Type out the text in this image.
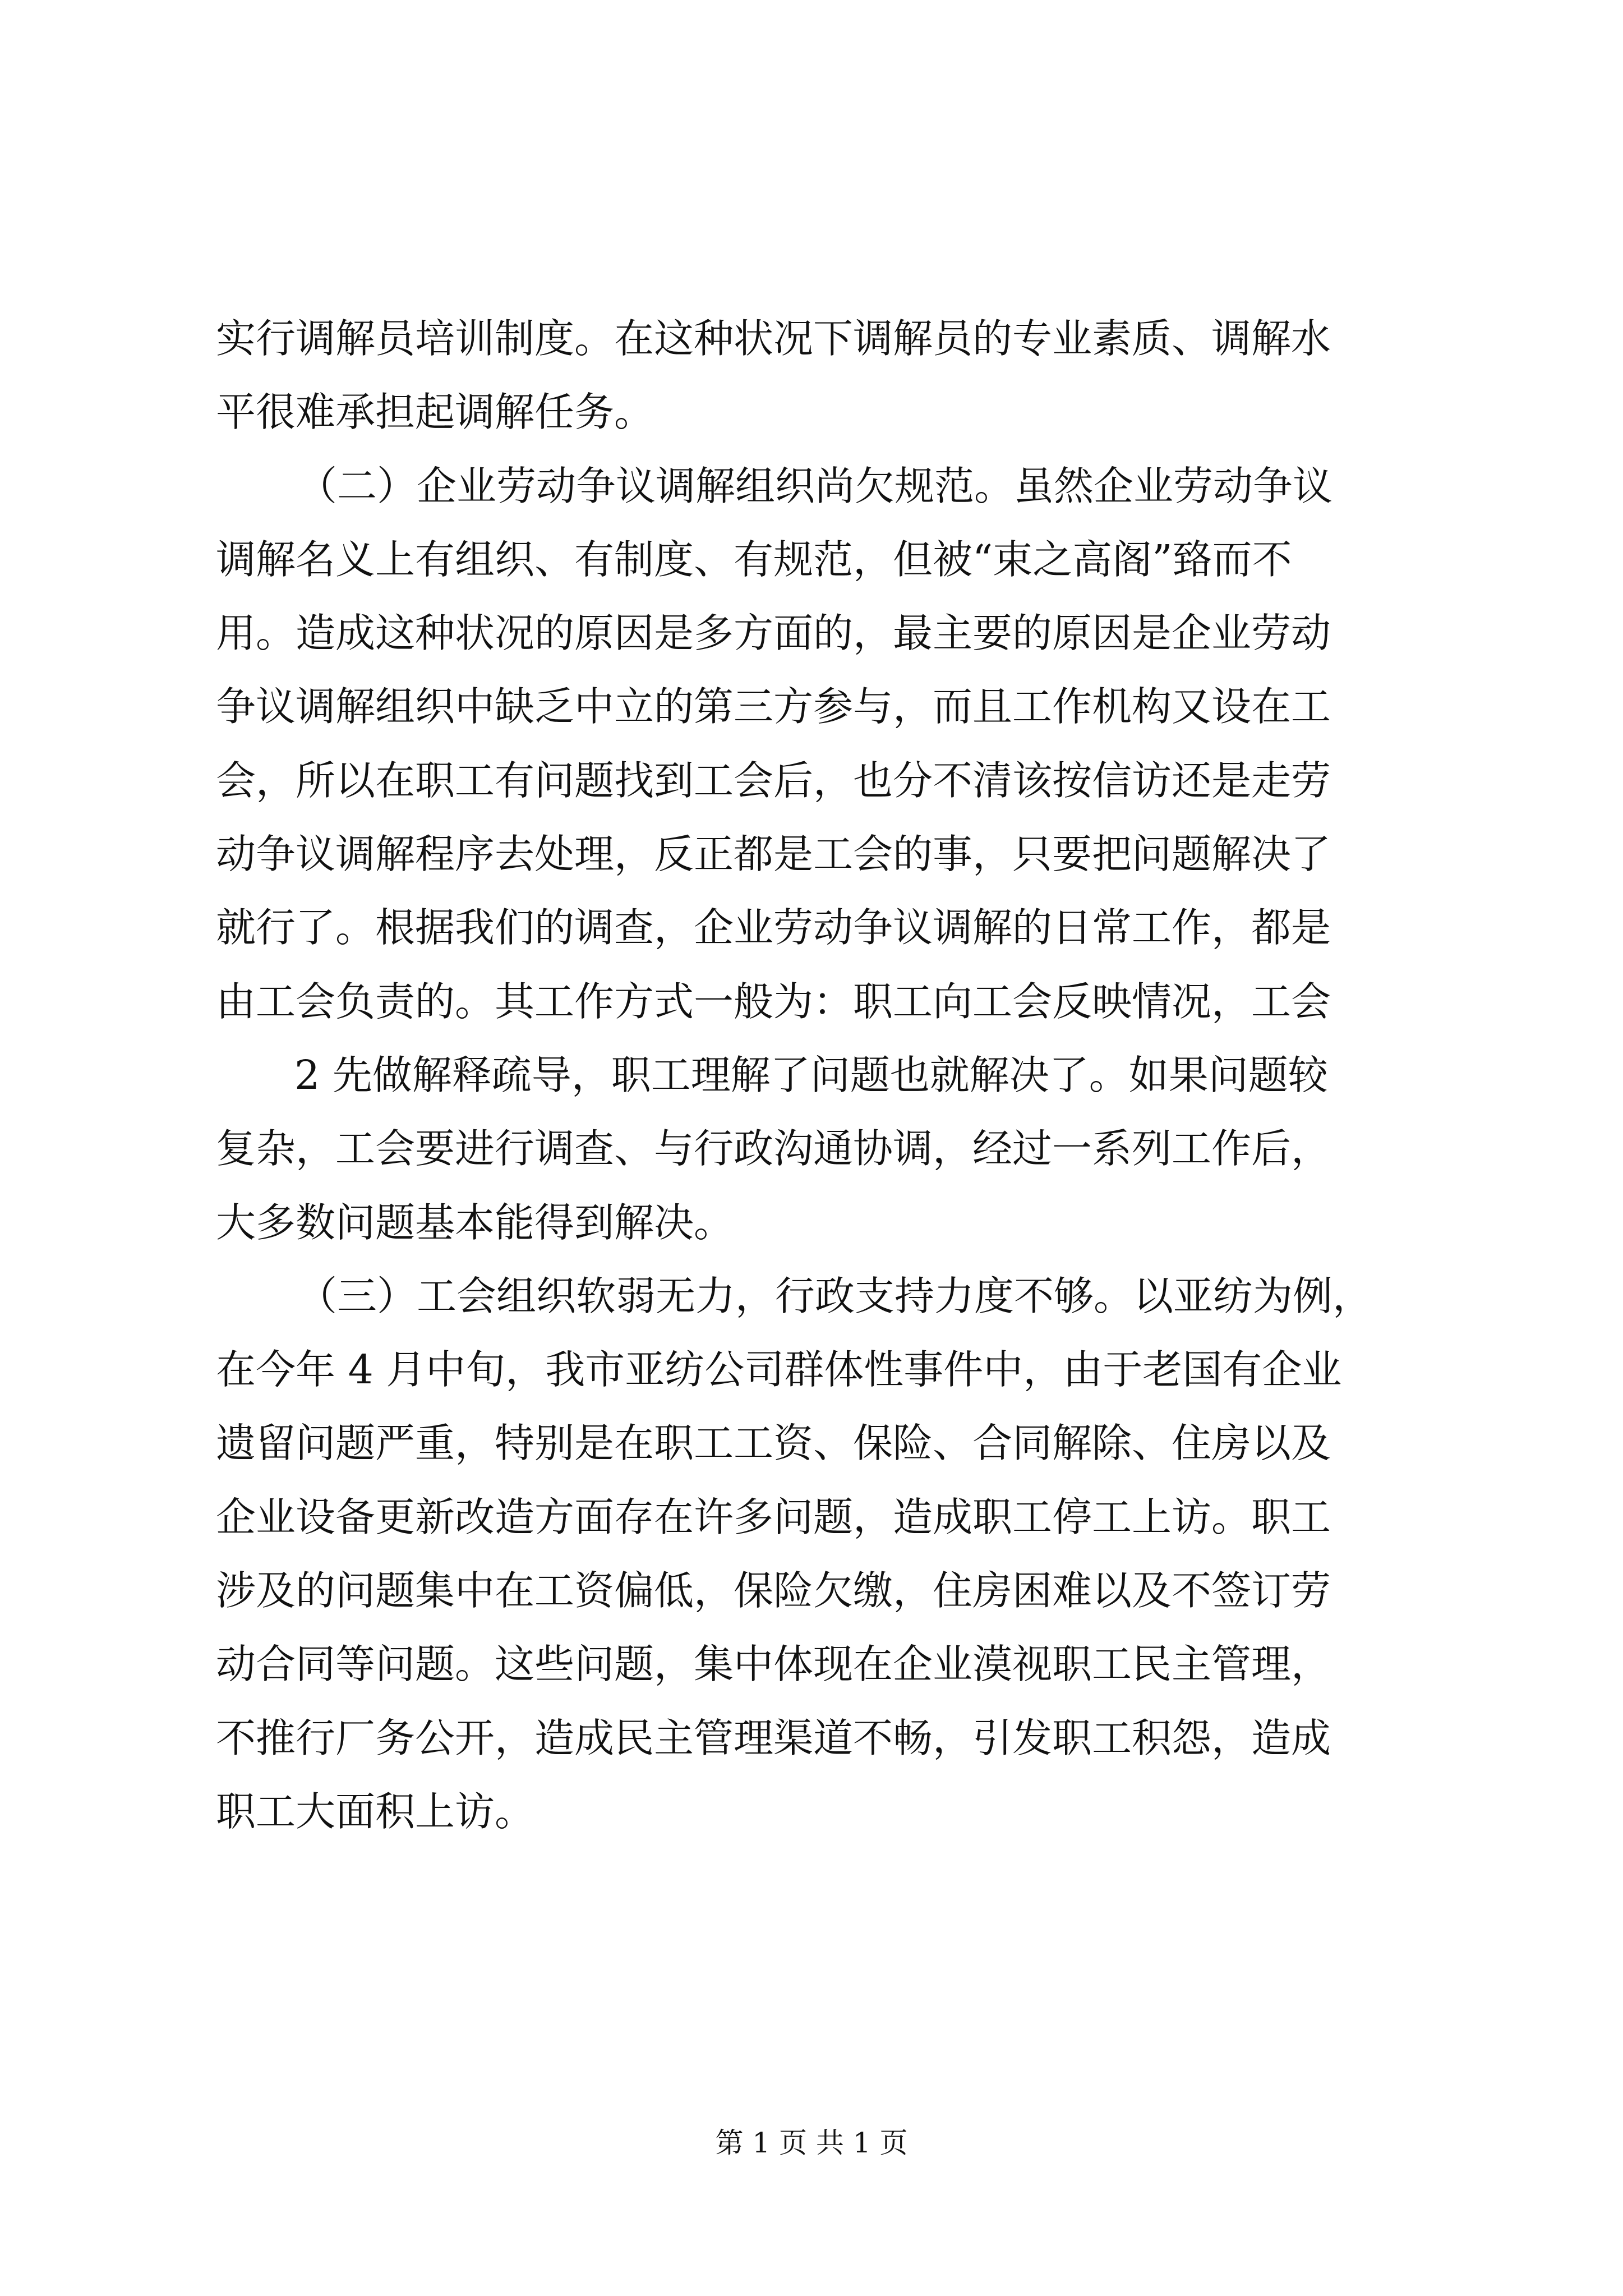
实行调解员培训制度。在这种状况下调解员的专业素质、调解水
平很难承担起调解任务。
（二）企业劳动争议调解组织尚欠规范。虽然企业劳动争议
调解名义上有组织、有制度、有规范，但被“束之高阁”臵而不
用。造成这种状况的原因是多方面的，最主要的原因是企业劳动
争议调解组织中缺乏中立的第三方参与，而且工作机构又设在工
会，所以在职工有问题找到工会后，也分不清该按信访还是走劳
动争议调解程序去处理，反正都是工会的事，只要把问题解决了
就行了。根据我们的调查，企业劳动争议调解的日常工作，都是
由工会负责的。其工作方式一般为：职工向工会反映情况，工会
2 先做解释疏导，职工理解了问题也就解决了。如果问题较
复杂，工会要进行调查、与行政沟通协调，经过一系列工作后，
大多数问题基本能得到解决。
（三）工会组织软弱无力，行政支持力度不够。以亚纺为例，
在今年 4 月中旬，我市亚纺公司群体性事件中，由于老国有企业
遗留问题严重，特别是在职工工资、保险、合同解除、住房以及
企业设备更新改造方面存在许多问题，造成职工停工上访。职工
涉及的问题集中在工资偏低，保险欠缴，住房困难以及不签订劳
动合同等问题。这些问题，集中体现在企业漠视职工民主管理，
不推行厂务公开，造成民主管理渠道不畅，引发职工积怨，造成
职工大面积上访。
第 1 页 共 1 页
